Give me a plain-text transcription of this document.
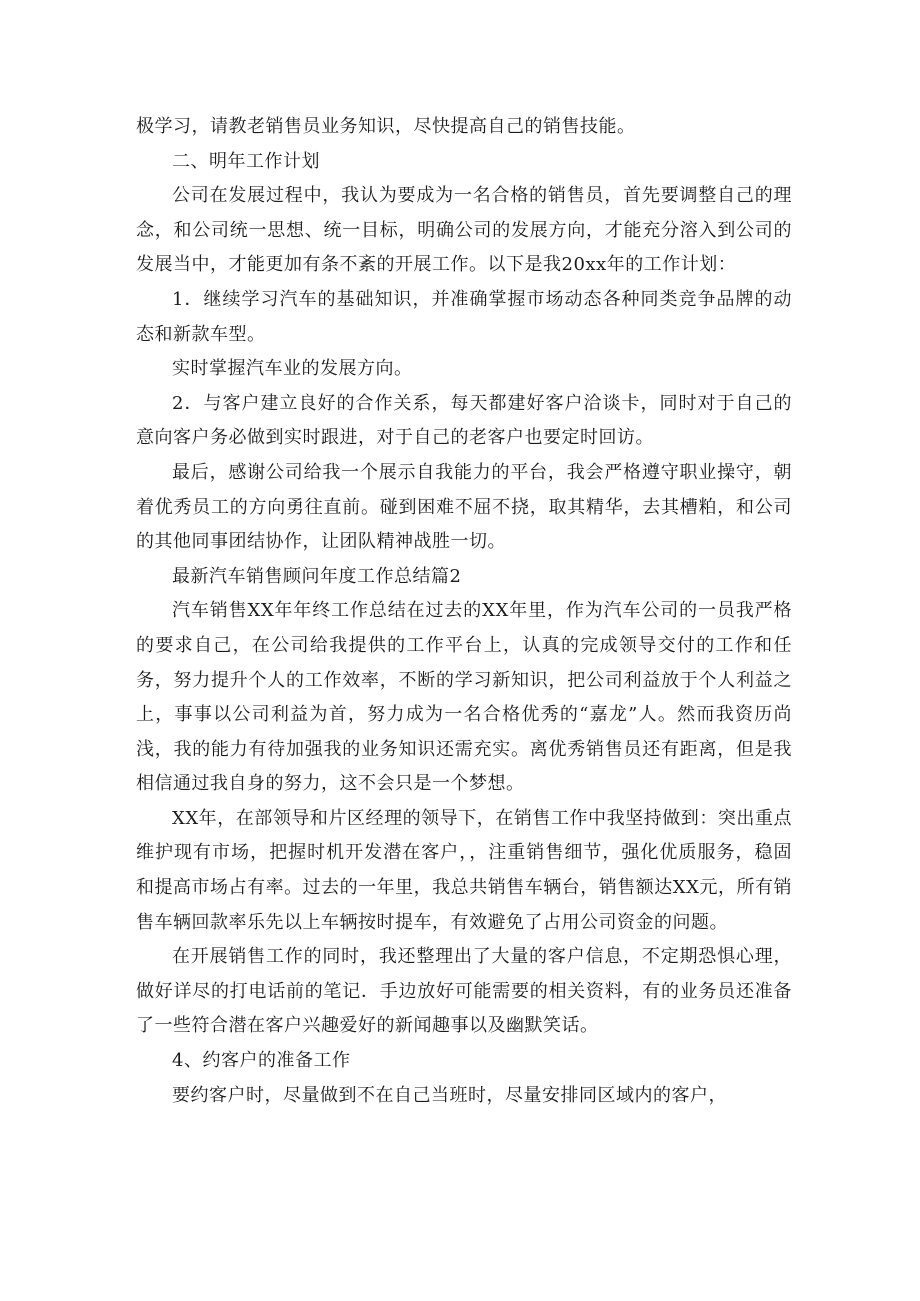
极学习，请教老销售员业务知识，尽快提高自己的销售技能。

二、明年工作计划

公司在发展过程中，我认为要成为一名合格的销售员，首先要调整自己的理念，和公司统一思想、统一目标，明确公司的发展方向，才能充分溶入到公司的发展当中，才能更加有条不紊的开展工作。以下是我20xx年的工作计划：

1．继续学习汽车的基础知识，并准确掌握市场动态各种同类竞争品牌的动态和新款车型。

实时掌握汽车业的发展方向。

2．与客户建立良好的合作关系，每天都建好客户洽谈卡，同时对于自己的意向客户务必做到实时跟进，对于自己的老客户也要定时回访。

最后，感谢公司给我一个展示自我能力的平台，我会严格遵守职业操守，朝着优秀员工的方向勇往直前。碰到困难不屈不挠，取其精华，去其槽粕，和公司的其他同事团结协作，让团队精神战胜一切。

最新汽车销售顾问年度工作总结篇2

汽车销售XX年年终工作总结在过去的XX年里，作为汽车公司的一员我严格的要求自己，在公司给我提供的工作平台上，认真的完成领导交付的工作和任务，努力提升个人的工作效率，不断的学习新知识，把公司利益放于个人利益之上，事事以公司利益为首，努力成为一名合格优秀的“嘉龙”人。然而我资历尚浅，我的能力有待加强我的业务知识还需充实。离优秀销售员还有距离，但是我相信通过我自身的努力，这不会只是一个梦想。

XX年，在部领导和片区经理的领导下，在销售工作中我坚持做到：突出重点维护现有市场，把握时机开发潜在客户，，注重销售细节，强化优质服务，稳固和提高市场占有率。过去的一年里，我总共销售车辆台，销售额达XX元，所有销售车辆回款率乐先以上车辆按时提车，有效避免了占用公司资金的问题。

在开展销售工作的同时，我还整理出了大量的客户信息，不定期恐惧心理，做好详尽的打电话前的笔记．手边放好可能需要的相关资料，有的业务员还准备了一些符合潜在客户兴趣爱好的新闻趣事以及幽默笑话。

4、约客户的准备工作

要约客户时，尽量做到不在自己当班时，尽量安排同区域内的客户，
